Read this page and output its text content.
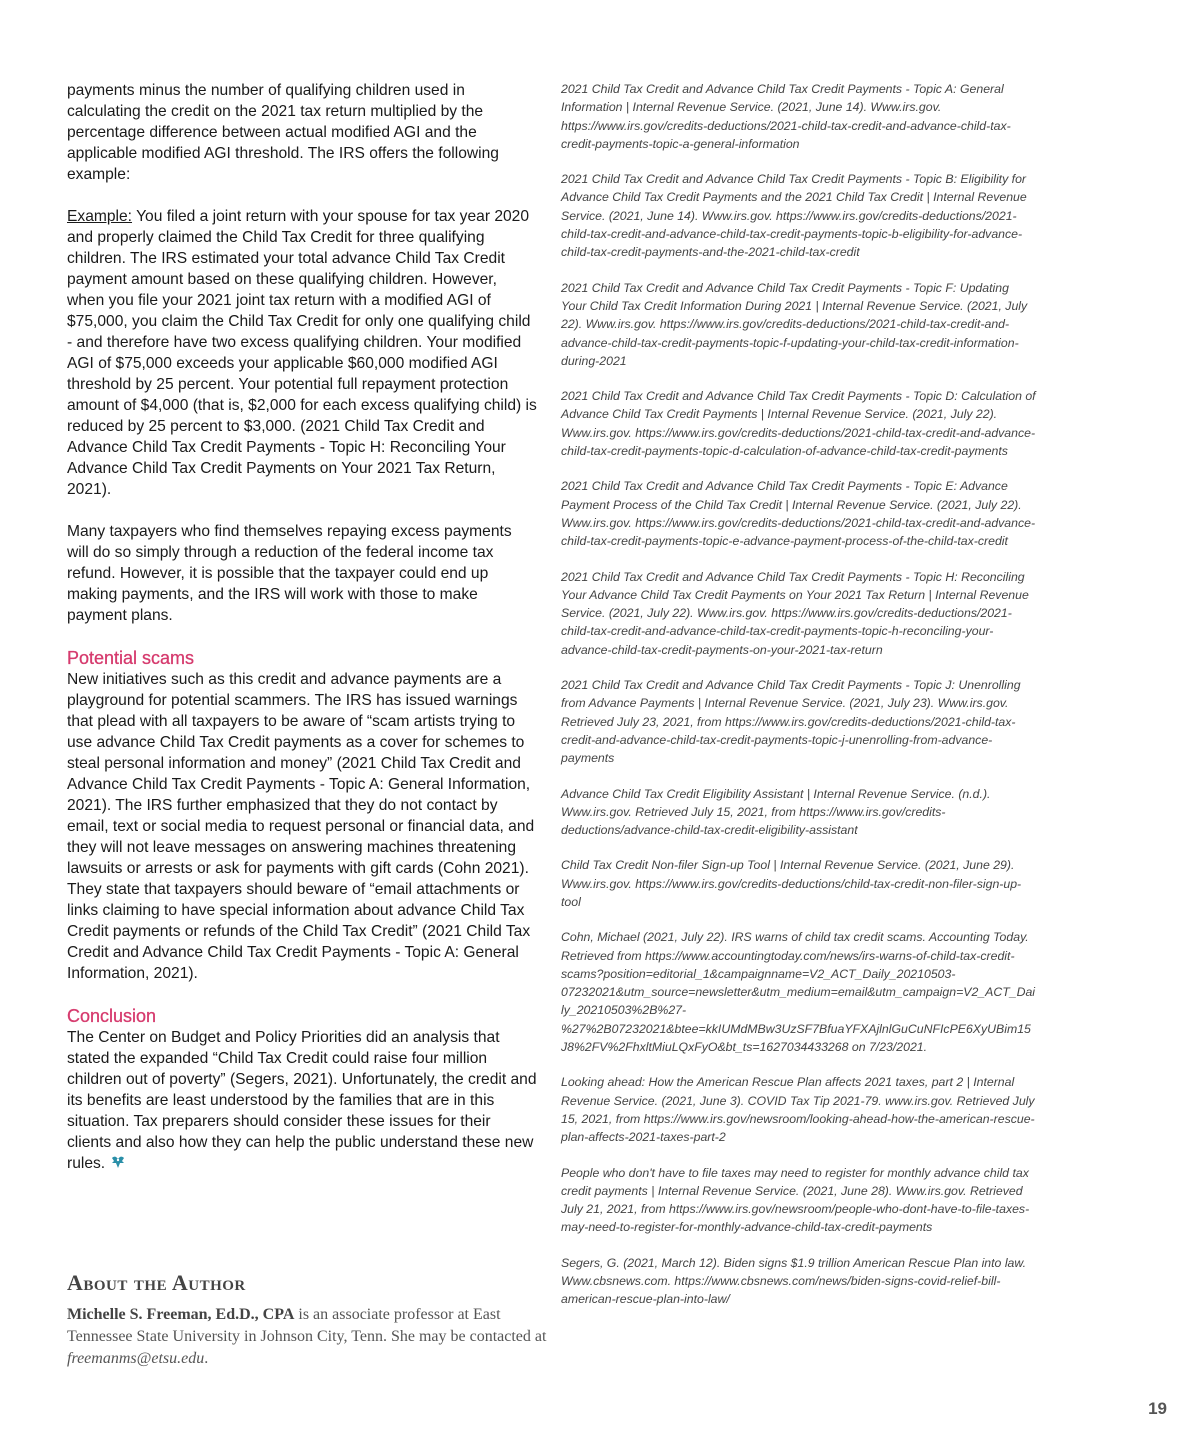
payments minus the number of qualifying children used in calculating the credit on the 2021 tax return multiplied by the percentage difference between actual modified AGI and the applicable modified AGI threshold. The IRS offers the following example:

Example: You filed a joint return with your spouse for tax year 2020 and properly claimed the Child Tax Credit for three qualifying children. The IRS estimated your total advance Child Tax Credit payment amount based on these qualifying children. However, when you file your 2021 joint tax return with a modified AGI of $75,000, you claim the Child Tax Credit for only one qualifying child - and therefore have two excess qualifying children. Your modified AGI of $75,000 exceeds your applicable $60,000 modified AGI threshold by 25 percent. Your potential full repayment protection amount of $4,000 (that is, $2,000 for each excess qualifying child) is reduced by 25 percent to $3,000. (2021 Child Tax Credit and Advance Child Tax Credit Payments - Topic H: Reconciling Your Advance Child Tax Credit Payments on Your 2021 Tax Return, 2021).

Many taxpayers who find themselves repaying excess payments will do so simply through a reduction of the federal income tax refund. However, it is possible that the taxpayer could end up making payments, and the IRS will work with those to make payment plans.

Potential scams

New initiatives such as this credit and advance payments are a playground for potential scammers. The IRS has issued warnings that plead with all taxpayers to be aware of “scam artists trying to use advance Child Tax Credit payments as a cover for schemes to steal personal information and money” (2021 Child Tax Credit and Advance Child Tax Credit Payments - Topic A: General Information, 2021). The IRS further emphasized that they do not contact by email, text or social media to request personal or financial data, and they will not leave messages on answering machines threatening lawsuits or arrests or ask for payments with gift cards (Cohn 2021). They state that taxpayers should beware of “email attachments or links claiming to have special information about advance Child Tax Credit payments or refunds of the Child Tax Credit” (2021 Child Tax Credit and Advance Child Tax Credit Payments - Topic A: General Information, 2021).

Conclusion

The Center on Budget and Policy Priorities did an analysis that stated the expanded “Child Tax Credit could raise four million children out of poverty” (Segers, 2021). Unfortunately, the credit and its benefits are least understood by the families that are in this situation. Tax preparers should consider these issues for their clients and also how they can help the public understand these new rules.

About the Author

Michelle S. Freeman, Ed.D., CPA is an associate professor at East Tennessee State University in Johnson City, Tenn. She may be contacted at freemanms@etsu.edu.

2021 Child Tax Credit and Advance Child Tax Credit Payments - Topic A: General Information | Internal Revenue Service. (2021, June 14). Www.irs.gov. https://www.irs.gov/credits-deductions/2021-child-tax-credit-and-advance-child-tax-credit-payments-topic-a-general-information

2021 Child Tax Credit and Advance Child Tax Credit Payments - Topic B: Eligibility for Advance Child Tax Credit Payments and the 2021 Child Tax Credit | Internal Revenue Service. (2021, June 14). Www.irs.gov. https://www.irs.gov/credits-deductions/2021-child-tax-credit-and-advance-child-tax-credit-payments-topic-b-eligibility-for-advance-child-tax-credit-payments-and-the-2021-child-tax-credit

2021 Child Tax Credit and Advance Child Tax Credit Payments - Topic F: Updating Your Child Tax Credit Information During 2021 | Internal Revenue Service. (2021, July 22). Www.irs.gov. https://www.irs.gov/credits-deductions/2021-child-tax-credit-and-advance-child-tax-credit-payments-topic-f-updating-your-child-tax-credit-information-during-2021

2021 Child Tax Credit and Advance Child Tax Credit Payments - Topic D: Calculation of Advance Child Tax Credit Payments | Internal Revenue Service. (2021, July 22). Www.irs.gov. https://www.irs.gov/credits-deductions/2021-child-tax-credit-and-advance-child-tax-credit-payments-topic-d-calculation-of-advance-child-tax-credit-payments

2021 Child Tax Credit and Advance Child Tax Credit Payments - Topic E: Advance Payment Process of the Child Tax Credit | Internal Revenue Service. (2021, July 22). Www.irs.gov. https://www.irs.gov/credits-deductions/2021-child-tax-credit-and-advance-child-tax-credit-payments-topic-e-advance-payment-process-of-the-child-tax-credit

2021 Child Tax Credit and Advance Child Tax Credit Payments - Topic H: Reconciling Your Advance Child Tax Credit Payments on Your 2021 Tax Return | Internal Revenue Service. (2021, July 22). Www.irs.gov. https://www.irs.gov/credits-deductions/2021-child-tax-credit-and-advance-child-tax-credit-payments-topic-h-reconciling-your-advance-child-tax-credit-payments-on-your-2021-tax-return

2021 Child Tax Credit and Advance Child Tax Credit Payments - Topic J: Unenrolling from Advance Payments | Internal Revenue Service. (2021, July 23). Www.irs.gov. Retrieved July 23, 2021, from https://www.irs.gov/credits-deductions/2021-child-tax-credit-and-advance-child-tax-credit-payments-topic-j-unenrolling-from-advance-payments

Advance Child Tax Credit Eligibility Assistant | Internal Revenue Service. (n.d.). Www.irs.gov. Retrieved July 15, 2021, from https://www.irs.gov/credits-deductions/advance-child-tax-credit-eligibility-assistant

Child Tax Credit Non-filer Sign-up Tool | Internal Revenue Service. (2021, June 29). Www.irs.gov. https://www.irs.gov/credits-deductions/child-tax-credit-non-filer-sign-up-tool

Cohn, Michael (2021, July 22). IRS warns of child tax credit scams. Accounting Today. Retrieved from https://www.accountingtoday.com/news/irs-warns-of-child-tax-credit-scams?position=editorial_1&campaignname=V2_ACT_Daily_20210503-07232021&utm_source=newsletter&utm_medium=email&utm_campaign=V2_ACT_Daily_20210503%2B%27-%27%2B07232021&btee=kkIUMdMBw3UzSF7BfuaYFXAjlnlGuCuNFIcPE6XyUBim15J8%2FV%2FhxltMiuLQxFyO&bt_ts=1627034433268 on 7/23/2021.

Looking ahead: How the American Rescue Plan affects 2021 taxes, part 2 | Internal Revenue Service. (2021, June 3). COVID Tax Tip 2021-79. www.irs.gov. Retrieved July 15, 2021, from https://www.irs.gov/newsroom/looking-ahead-how-the-american-rescue-plan-affects-2021-taxes-part-2

People who don't have to file taxes may need to register for monthly advance child tax credit payments | Internal Revenue Service. (2021, June 28). Www.irs.gov. Retrieved July 21, 2021, from https://www.irs.gov/newsroom/people-who-dont-have-to-file-taxes-may-need-to-register-for-monthly-advance-child-tax-credit-payments

Segers, G. (2021, March 12). Biden signs $1.9 trillion American Rescue Plan into law. Www.cbsnews.com. https://www.cbsnews.com/news/biden-signs-covid-relief-bill-american-rescue-plan-into-law/

19
